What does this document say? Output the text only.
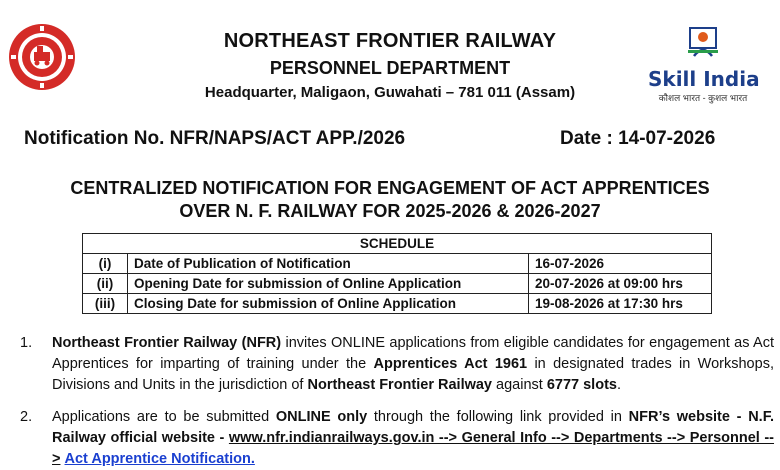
NORTHEAST FRONTIER RAILWAY
PERSONNEL DEPARTMENT
Headquarter, Maligaon, Guwahati – 781 011 (Assam)
Skill India
कौशल भारत - कुशल भारत
Notification No. NFR/NAPS/ACT APP./2026	Date : 14-07-2026
CENTRALIZED NOTIFICATION FOR ENGAGEMENT OF ACT APPRENTICES
OVER N. F. RAILWAY FOR 2025-2026 & 2026-2027
SCHEDULE		
(i)	Date of Publication of Notification	16-07-2026
(ii)	Opening Date for submission of Online Application	20-07-2026 at 09:00 hrs
(iii)	Closing Date for submission of Online Application	19-08-2026 at 17:30 hrs
1.	Northeast Frontier Railway (NFR) invites ONLINE applications from eligible candidates for engagement as Act Apprentices for imparting of training under the Apprentices Act 1961 in designated trades in Workshops, Divisions and Units in the jurisdiction of Northeast Frontier Railway against 6777 slots.
2.	Applications are to be submitted ONLINE only through the following link provided in NFR’s website - N.F. Railway official website - www.nfr.indianrailways.gov.in --> General Info --> Departments --> Personnel --> Act Apprentice Notification.
